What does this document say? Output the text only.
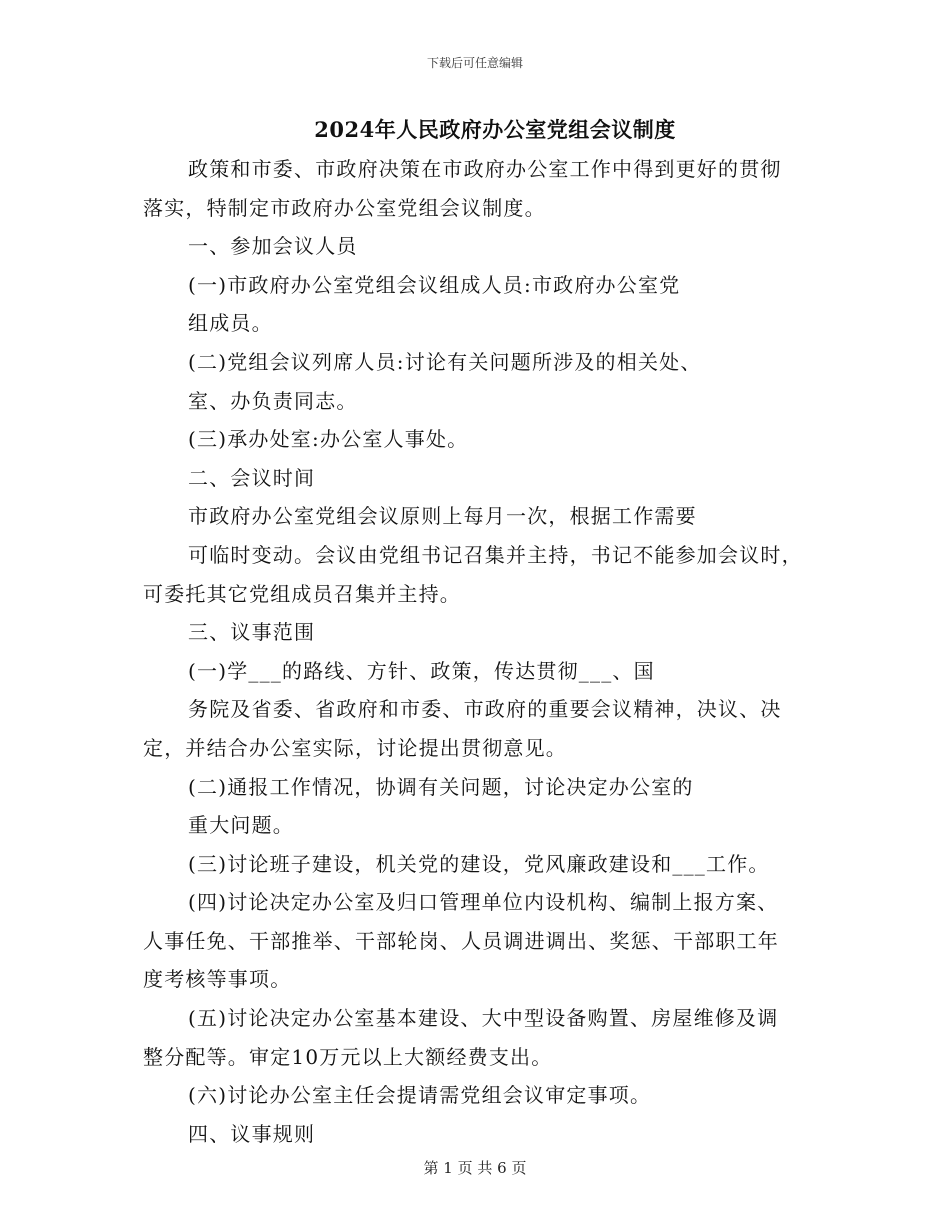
下载后可任意编辑
2024年人民政府办公室党组会议制度
政策和市委、市政府决策在市政府办公室工作中得到更好的贯彻
落实，特制定市政府办公室党组会议制度。
一、参加会议人员
(一)市政府办公室党组会议组成人员:市政府办公室党
组成员。
(二)党组会议列席人员:讨论有关问题所涉及的相关处、
室、办负责同志。
(三)承办处室:办公室人事处。
二、会议时间
市政府办公室党组会议原则上每月一次，根据工作需要
可临时变动。会议由党组书记召集并主持，书记不能参加会议时，
可委托其它党组成员召集并主持。
三、议事范围
(一)学___的路线、方针、政策，传达贯彻___、国
务院及省委、省政府和市委、市政府的重要会议精神，决议、决
定，并结合办公室实际，讨论提出贯彻意见。
(二)通报工作情况，协调有关问题，讨论决定办公室的
重大问题。
(三)讨论班子建设，机关党的建设，党风廉政建设和___工作。
(四)讨论决定办公室及归口管理单位内设机构、编制上报方案、
人事任免、干部推举、干部轮岗、人员调进调出、奖惩、干部职工年
度考核等事项。
(五)讨论决定办公室基本建设、大中型设备购置、房屋维修及调
整分配等。审定10万元以上大额经费支出。
(六)讨论办公室主任会提请需党组会议审定事项。
四、议事规则
第 1 页 共 6 页
